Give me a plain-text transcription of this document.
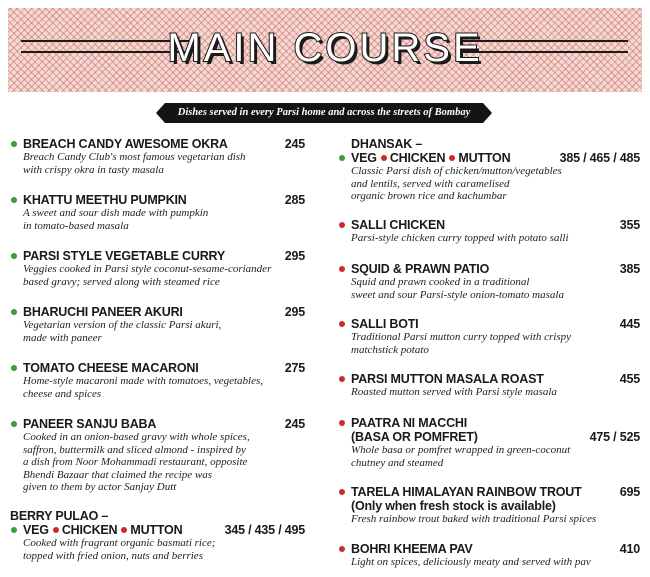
MAIN COURSE
Dishes served in every Parsi home and across the streets of Bombay
BREACH CANDY AWESOME OKRA	245
Breach Candy Club's most famous vegetarian dish
with crispy okra in tasty masala
KHATTU MEETHU PUMPKIN	285
A sweet and sour dish made with pumpkin
in tomato-based masala
PARSI STYLE VEGETABLE CURRY	295
Veggies cooked in Parsi style coconut-sesame-coriander
based gravy; served along with steamed rice
BHARUCHI PANEER AKURI	295
Vegetarian version of the classic Parsi akuri,
made with paneer
TOMATO CHEESE MACARONI	275
Home-style macaroni made with tomatoes, vegetables,
cheese and spices
PANEER SANJU BABA	245
Cooked in an onion-based gravy with whole spices,
saffron, buttermilk and sliced almond - inspired by
a dish from Noor Mohammadi restaurant, opposite
Bhendi Bazaar that claimed the recipe was
given to them by actor Sanjay Dutt
BERRY PULAO –
VEG CHICKEN MUTTON	345 / 435 / 495
Cooked with fragrant organic basmati rice;
topped with fried onion, nuts and berries
DHANSAK –
VEG CHICKEN MUTTON	385 / 465 / 485
Classic Parsi dish of chicken/mutton/vegetables
and lentils, served with caramelised
organic brown rice and kachumbar
SALLI CHICKEN	355
Parsi-style chicken curry topped with potato salli
SQUID & PRAWN PATIO	385
Squid and prawn cooked in a traditional
sweet and sour Parsi-style onion-tomato masala
SALLI BOTI	445
Traditional Parsi mutton curry topped with crispy
matchstick potato
PARSI MUTTON MASALA ROAST	455
Roasted mutton served with Parsi style masala
PAATRA NI MACCHI
(BASA OR POMFRET)	475 / 525
Whole basa or pomfret wrapped in green-coconut
chutney and steamed
TARELA HIMALAYAN RAINBOW TROUT	695
(Only when fresh stock is available)
Fresh rainbow trout baked with traditional Parsi spices
BOHRI KHEEMA PAV	410
Light on spices, deliciously meaty and served with pav
